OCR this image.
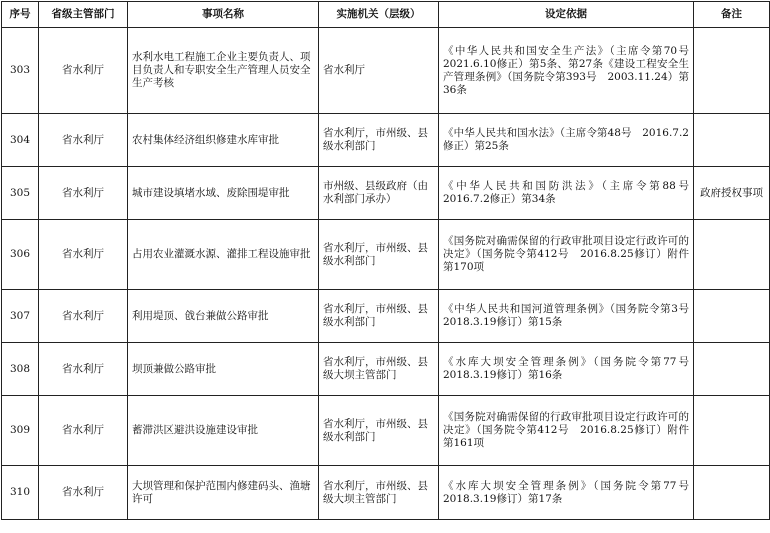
序号	省级主管部门	事项名称	实施机关（层级）	设定依据	备注
303	省水利厅	水利水电工程施工企业主要负责人、项目负责人和专职安全生产管理人员安全生产考核	省水利厅	《中华人民共和国安全生产法》（主席令第70号　2021.6.10修正）第5条、第27条《建设工程安全生产管理条例》（国务院令第393号　2003.11.24）第36条	
304	省水利厅	农村集体经济组织修建水库审批	省水利厅，市州级、县级水利部门	《中华人民共和国水法》（主席令第48号　2016.7.2修正）第25条	
305	省水利厅	城市建设填堵水域、废除围堤审批	市州级、县级政府（由水利部门承办）	《中华人民共和国防洪法》（主席令第88号　2016.7.2修正）第34条	政府授权事项
306	省水利厅	占用农业灌溉水源、灌排工程设施审批	省水利厅，市州级、县级水利部门	《国务院对确需保留的行政审批项目设定行政许可的决定》（国务院令第412号　2016.8.25修订）附件第170项	
307	省水利厅	利用堤顶、戗台兼做公路审批	省水利厅，市州级、县级水利部门	《中华人民共和国河道管理条例》（国务院令第3号　2018.3.19修订）第15条	
308	省水利厅	坝顶兼做公路审批	省水利厅，市州级、县级大坝主管部门	《水库大坝安全管理条例》（国务院令第77号　2018.3.19修订）第16条	
309	省水利厅	蓄滞洪区避洪设施建设审批	省水利厅，市州级、县级水利部门	《国务院对确需保留的行政审批项目设定行政许可的决定》（国务院令第412号　2016.8.25修订）附件第161项	
310	省水利厅	大坝管理和保护范围内修建码头、渔塘许可	省水利厅，市州级、县级大坝主管部门	《水库大坝安全管理条例》（国务院令第77号　2018.3.19修订）第17条	
